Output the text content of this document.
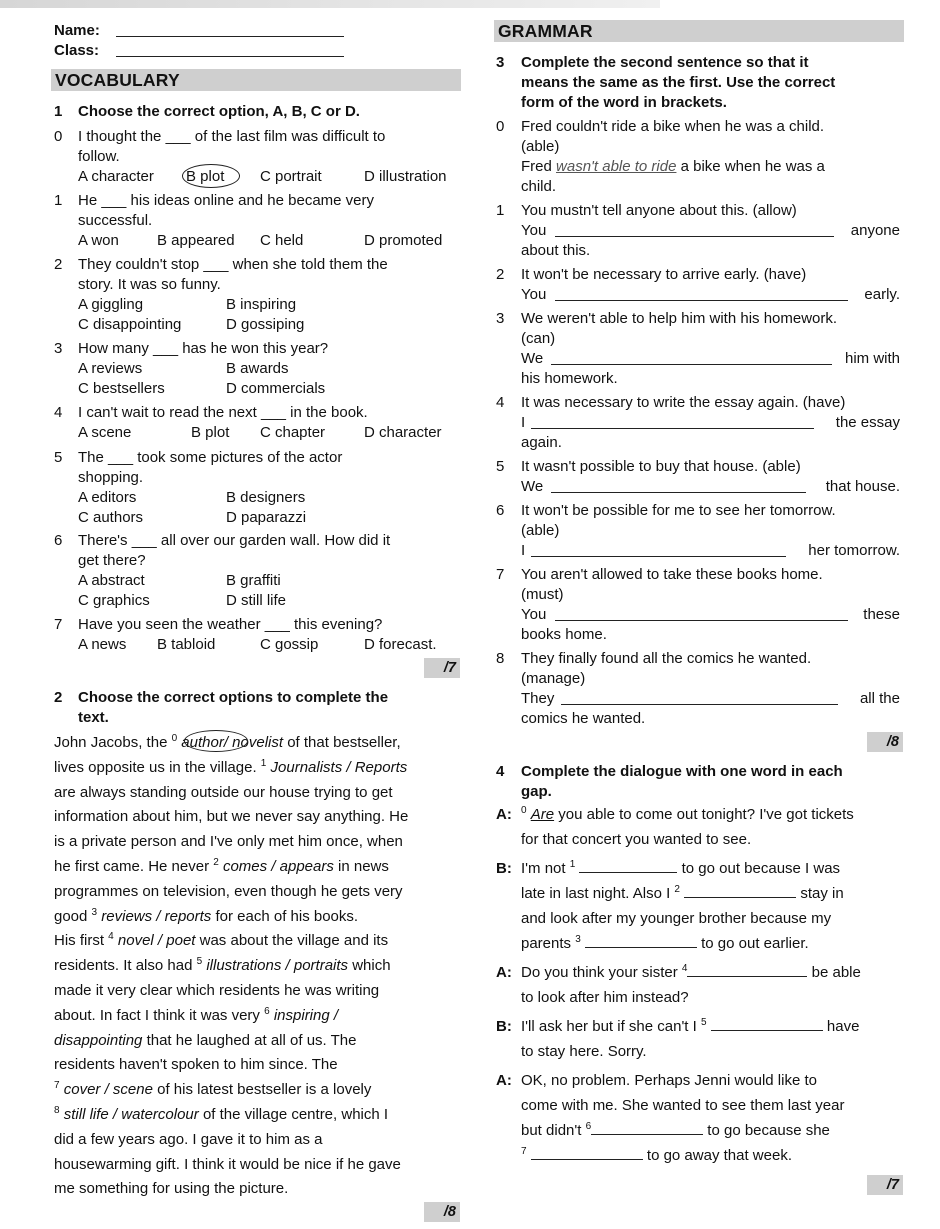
Name:
Class:
VOCABULARY
1 Choose the correct option, A, B, C or D.
0 I thought the ___ of the last film was difficult to
follow.
A character B plot C portrait	D illustration
1 He ___ his ideas online and he became very
successful.
A won	B appeared C held	D promoted
2 They couldn't stop ___ when she told them the
story. It was so funny.
A giggling	B inspiring
C disappointing	D gossiping
3 How many ___ has he won this year?
A reviews	B awards
C bestsellers	D commercials
4 I can't wait to read the next ___ in the book.
A scene	B plot C chapter	D character
5 The ___ took some pictures of the actor
shopping.
A editors	B designers
C authors	D paparazzi
6 There's ___ all over our garden wall. How did it
get there?
A abstract	B graffiti
C graphics	D still life
7 Have you seen the weather ___ this evening?
A news B tabloid	C gossip	D forecast.
/7
2 Choose the correct options to complete the
text.
John Jacobs, the $^0$ author/ novelist of that bestseller,
lives opposite us in the village. $^1$ Journalists / Reports
are always standing outside our house trying to get
information about him, but we never say anything. He
is a private person and I've only met him once, when
he first came. He never $^2$ comes / appears in news
programmes on television, even though he gets very
good $^3$ reviews / reports for each of his books.
His first $^4$ novel / poet was about the village and its
residents. It also had $^5$ illustrations / portraits which
made it very clear which residents he was writing
about. In fact I think it was very $^6$ inspiring /
disappointing that he laughed at all of us. The
residents haven't spoken to him since. The
$^7$ cover / scene of his latest bestseller is a lovely
$^8$ still life / watercolour of the village centre, which I
did a few years ago. I gave it to him as a
housewarming gift. I think it would be nice if he gave
me something for using the picture.
/8
GRAMMAR
3 Complete the second sentence so that it
means the same as the first. Use the correct
form of the word in brackets.
0 Fred couldn't ride a bike when he was a child.
(able)
Fred wasn't able to ride a bike when he was a
child.
1 You mustn't tell anyone about this. (allow)
You	anyone
about this.
2 It won't be necessary to arrive early. (have)
You	early.
3 We weren't able to help him with his homework.
(can)
We	him with
his homework.
4 It was necessary to write the essay again. (have)
I	the essay
again.
5 It wasn't possible to buy that house. (able)
We	that house.
6 It won't be possible for me to see her tomorrow.
(able)
I	her tomorrow.
7 You aren't allowed to take these books home.
(must)
You	these
books home.
8 They finally found all the comics he wanted.
(manage)
They	all the
comics he wanted.
/8
4 Complete the dialogue with one word in each
gap.
A: $^0$ Are you able to come out tonight? I've got tickets
for that concert you wanted to see.
B: I'm not $^1$	to go out because I was
late in last night. Also I $^2$	stay in
and look after my younger brother because my
parents $^3$	to go out earlier.
A: Do you think your sister $^4$	be able
to look after him instead?
B: I'll ask her but if she can't I $^5$	have
to stay here. Sorry.
A: OK, no problem. Perhaps Jenni would like to
come with me. She wanted to see them last year
but didn't $^6$	to go because she
$^7$	to go away that week.
/7
